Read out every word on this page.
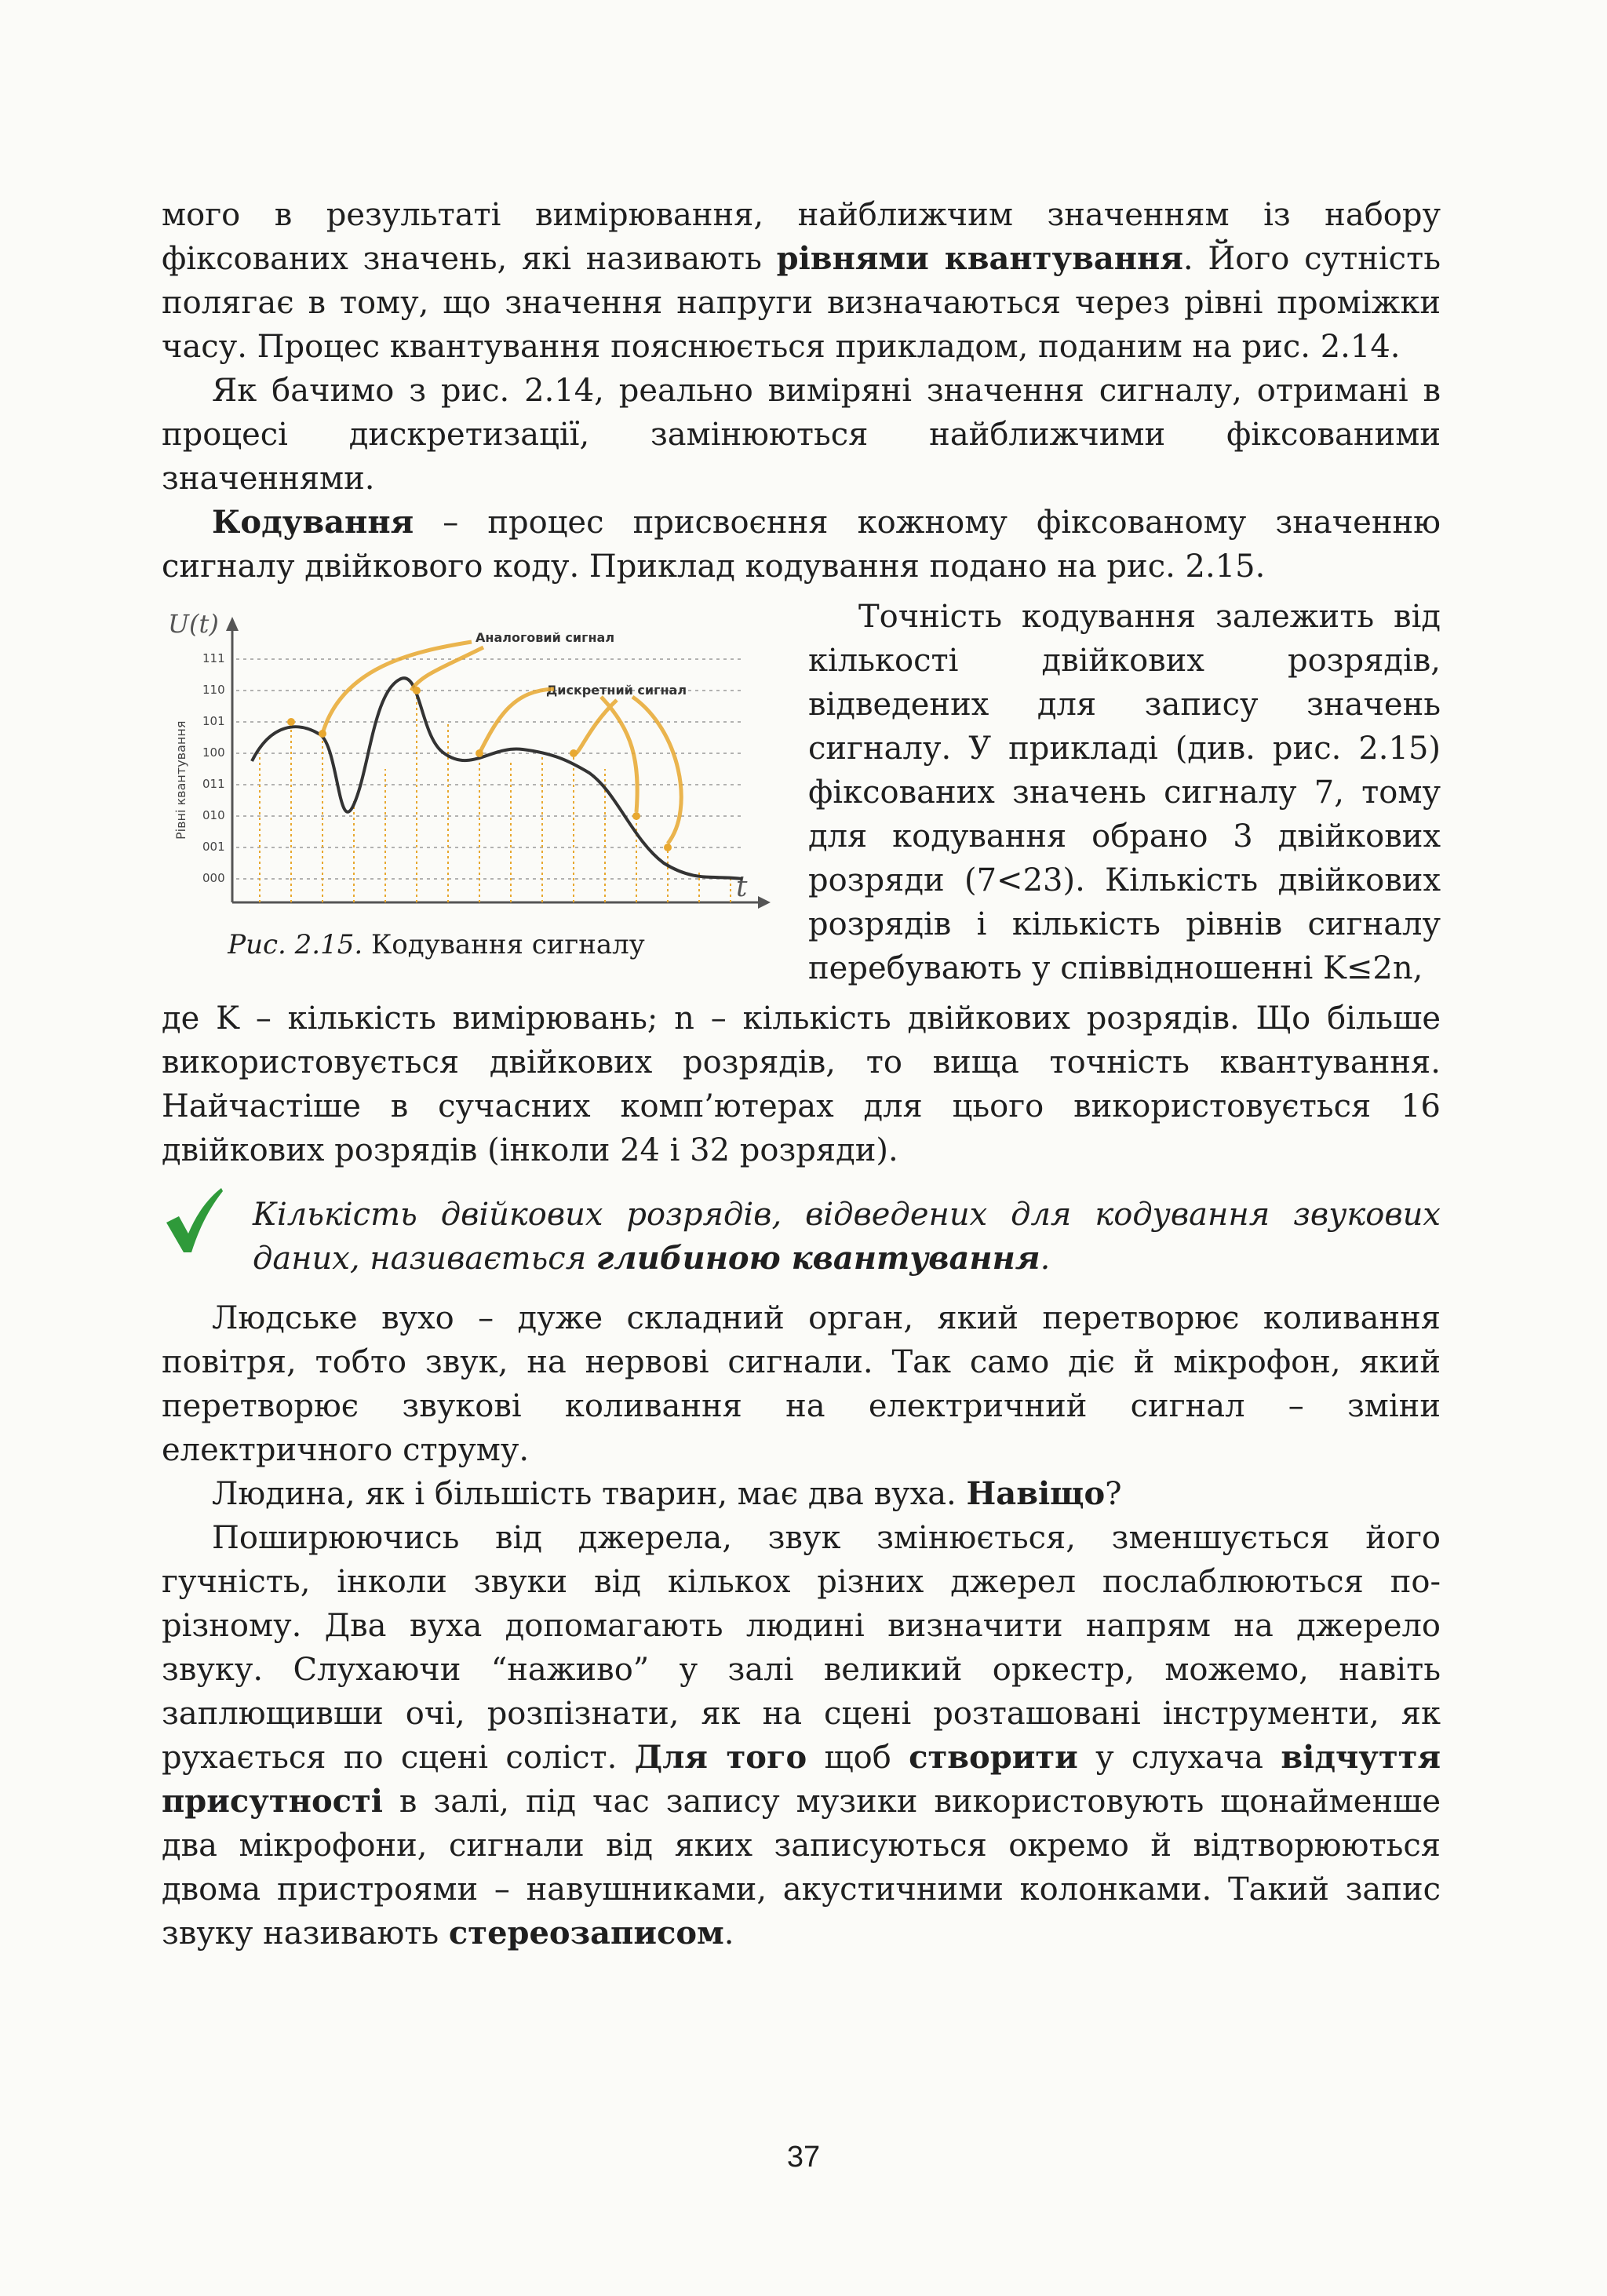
мого в результаті вимірювання, найближчим значенням із набору фіксованих значень, які називають рівнями квантування. Його сутність полягає в тому, що значення напруги визначаються через рівні проміжки часу. Процес квантування пояснюється прикладом, поданим на рис. 2.14.

Як бачимо з рис. 2.14, реально виміряні значення сигналу, отримані в процесі дискретизації, замінюються найближчими фіксованими значеннями.

Кодування – процес присвоєння кожному фіксованому значенню сигналу двійкового коду. Приклад кодування подано на рис. 2.15.

U(t)
t
Рівні квантування
111
110
101
100
011
010
001
000
Аналоговий сигнал
Дискретний сигнал
Рис. 2.15. Кодування сигналу

Точність кодування залежить від кількості двійкових розрядів, відведених для запису значень сигналу. У прикладі (див. рис. 2.15) фіксованих значень сигналу 7, тому для кодування обрано 3 двійкових розряди (7<23). Кількість двійкових розрядів і кількість рівнів сигналу перебувають у співвідношенні K≤2n,

де K – кількість вимірювань; n – кількість двійкових розрядів. Що більше використовується двійкових розрядів, то вища точність квантування. Найчастіше в сучасних комп’ютерах для цього використовується 16 двійкових розрядів (інколи 24 і 32 розряди).

Кількість двійкових розрядів, відведених для кодування звукових даних, називається глибиною квантування.

Людське вухо – дуже складний орган, який перетворює коливання повітря, тобто звук, на нервові сигнали. Так само діє й мікрофон, який перетворює звукові коливання на електричний сигнал – зміни електричного струму.

Людина, як і більшість тварин, має два вуха. Навіщо?

Поширюючись від джерела, звук змінюється, зменшується його гучність, інколи звуки від кількох різних джерел послаблюються по-різному. Два вуха допомагають людині визначити напрям на джерело звуку. Слухаючи “наживо” у залі великий оркестр, можемо, навіть заплющивши очі, розпізнати, як на сцені розташовані інструменти, як рухається по сцені соліст. Для того щоб створити у слухача відчуття присутності в залі, під час запису музики використовують щонайменше два мікрофони, сигнали від яких записуються окремо й відтворюються двома пристроями – навушниками, акустичними колонками. Такий запис звуку називають стереозаписом.

37
